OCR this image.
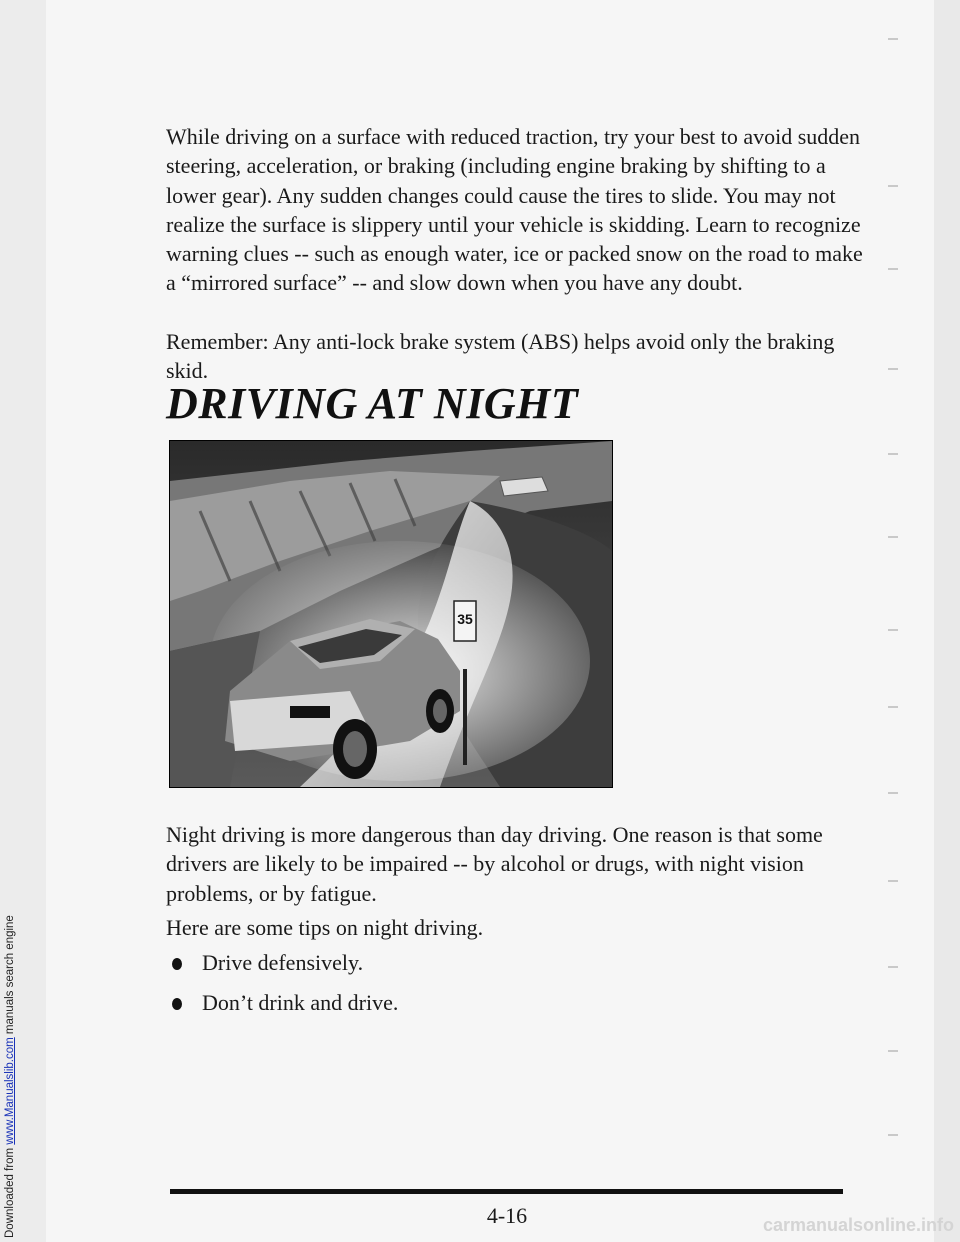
Downloaded from www.Manualslib.com manuals search engine

While driving on a surface with reduced traction, try your best to avoid sudden steering, acceleration, or braking (including engine braking by shifting to a lower gear). Any sudden changes could cause the tires to slide. You may not realize the surface is slippery until your vehicle is skidding. Learn to recognize warning clues -- such as enough water, ice or packed snow on the road to make a “mirrored surface” -- and slow down when you have any doubt.

Remember: Any anti-lock brake system (ABS) helps avoid only the braking skid.

DRIVING AT NIGHT
35

Night driving is more dangerous than day driving. One reason is that some drivers are likely to be impaired -- by alcohol or drugs, with night vision problems, or by fatigue.

Here are some tips on night driving.

Drive defensively.
Don’t drink and drive.
4-16	carmanualsonline.info
